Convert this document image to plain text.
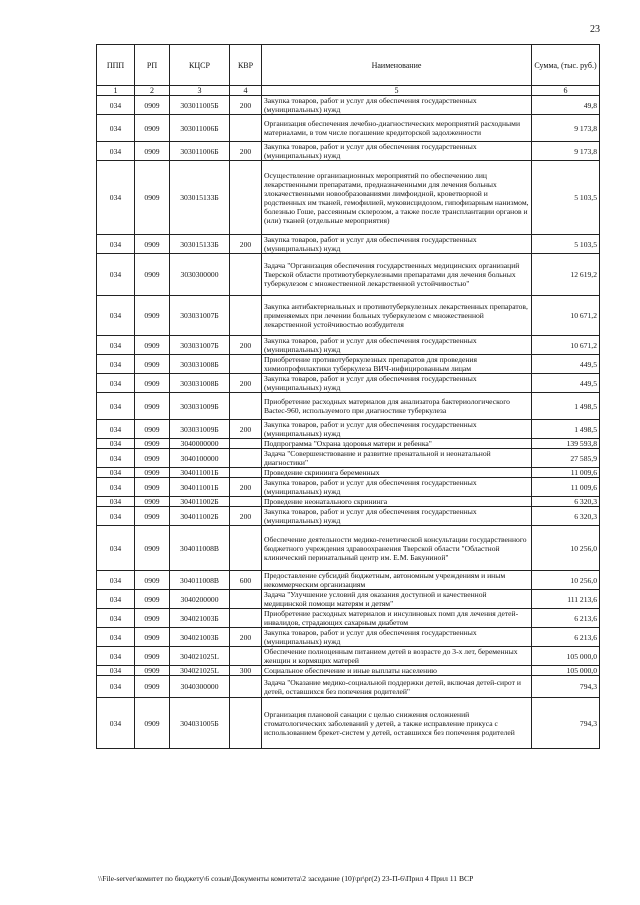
23
ППП	РП	КЦСР	КВР	Наименование	Сумма, (тыс. руб.)
1	2	3	4	5	6
034	0909	303011005Б	200	Закупка товаров, работ и услуг для обеспечения государственных (муниципальных) нужд	49,8
034	0909	303011006Б		Организация обеспечения лечебно-диагностических мероприятий расходными материалами, в том числе погашение кредиторской задолженности	9 173,8
034	0909	303011006Б	200	Закупка товаров, работ и услуг для обеспечения государственных (муниципальных) нужд	9 173,8
034	0909	303015133Б		Осуществление организационных мероприятий по обеспечению лиц лекарственными препаратами, предназначенными для лечения больных злокачественными новообразованиями лимфоидной, кроветворной и родственных им тканей, гемофилией, муковисцидозом, гипофизарным нанизмом, болезнью Гоше, рассеянным склерозом, а также после трансплантации органов и (или) тканей (отдельные мероприятия)	5 103,5
034	0909	303015133Б	200	Закупка товаров, работ и услуг для обеспечения государственных (муниципальных) нужд	5 103,5
034	0909	3030300000		Задача "Организация обеспечения государственных медицинских организаций Тверской области противотуберкулезными препаратами для лечения больных туберкулезом с множественной лекарственной устойчивостью"	12 619,2
034	0909	303031007Б		Закупка антибактериальных и противотуберкулезных лекарственных препаратов, применяемых при лечении больных туберкулезом с множественной лекарственной устойчивостью возбудителя	10 671,2
034	0909	303031007Б	200	Закупка товаров, работ и услуг для обеспечения государственных (муниципальных) нужд	10 671,2
034	0909	303031008Б		Приобретение противотуберкулезных препаратов для проведения химиопрофилактики туберкулеза ВИЧ-инфицированным лицам	449,5
034	0909	303031008Б	200	Закупка товаров, работ и услуг для обеспечения государственных (муниципальных) нужд	449,5
034	0909	303031009Б		Приобретение расходных материалов для анализатора бактериологического Bactec-960, используемого при диагностике туберкулеза	1 498,5
034	0909	303031009Б	200	Закупка товаров, работ и услуг для обеспечения государственных (муниципальных) нужд	1 498,5
034	0909	3040000000		Подпрограмма "Охрана здоровья матери и ребенка"	139 593,8
034	0909	3040100000		Задача "Совершенствование и развитие пренатальной и неонатальной диагностики"	27 585,9
034	0909	304011001Б		Проведение скрининга беременных	11 009,6
034	0909	304011001Б	200	Закупка товаров, работ и услуг для обеспечения государственных (муниципальных) нужд	11 009,6
034	0909	304011002Б		Проведение неонатального скрининга	6 320,3
034	0909	304011002Б	200	Закупка товаров, работ и услуг для обеспечения государственных (муниципальных) нужд	6 320,3
034	0909	304011008В		Обеспечение деятельности медико-генетической консультации государственного бюджетного учреждения здравоохранения Тверской области "Областной клинический перинатальный центр им. Е.М. Бакуниной"	10 256,0
034	0909	304011008В	600	Предоставление субсидий бюджетным, автономным учреждениям и иным некоммерческим организациям	10 256,0
034	0909	3040200000		Задача "Улучшение условий для оказания доступной и качественной медицинской помощи матерям и детям"	111 213,6
034	0909	304021003Б		Приобретение расходных материалов и инсулиновых помп для лечения детей-инвалидов, страдающих сахарным диабетом	6 213,6
034	0909	304021003Б	200	Закупка товаров, работ и услуг для обеспечения государственных (муниципальных) нужд	6 213,6
034	0909	304021025L		Обеспечение полноценным питанием детей в возрасте до 3-х лет, беременных женщин и кормящих матерей	105 000,0
034	0909	304021025L	300	Социальное обеспечение и иные выплаты населению	105 000,0
034	0909	3040300000		Задача "Оказание медико-социальной поддержки детей, включая детей-сирот и детей, оставшихся без попечения родителей"	794,3
034	0909	304031005Б		Организация плановой санации с целью снижения осложнений стоматологических заболеваний у детей, а также исправление прикуса с использованием брекет-систем у детей, оставшихся без попечения родителей	794,3
\\File-server\комитет по бюджету\6 созыв\Документы комитета\2 заседание (10)\pr\pr(2) 23-П-6\Прил 4 Прил 11 ВСР
